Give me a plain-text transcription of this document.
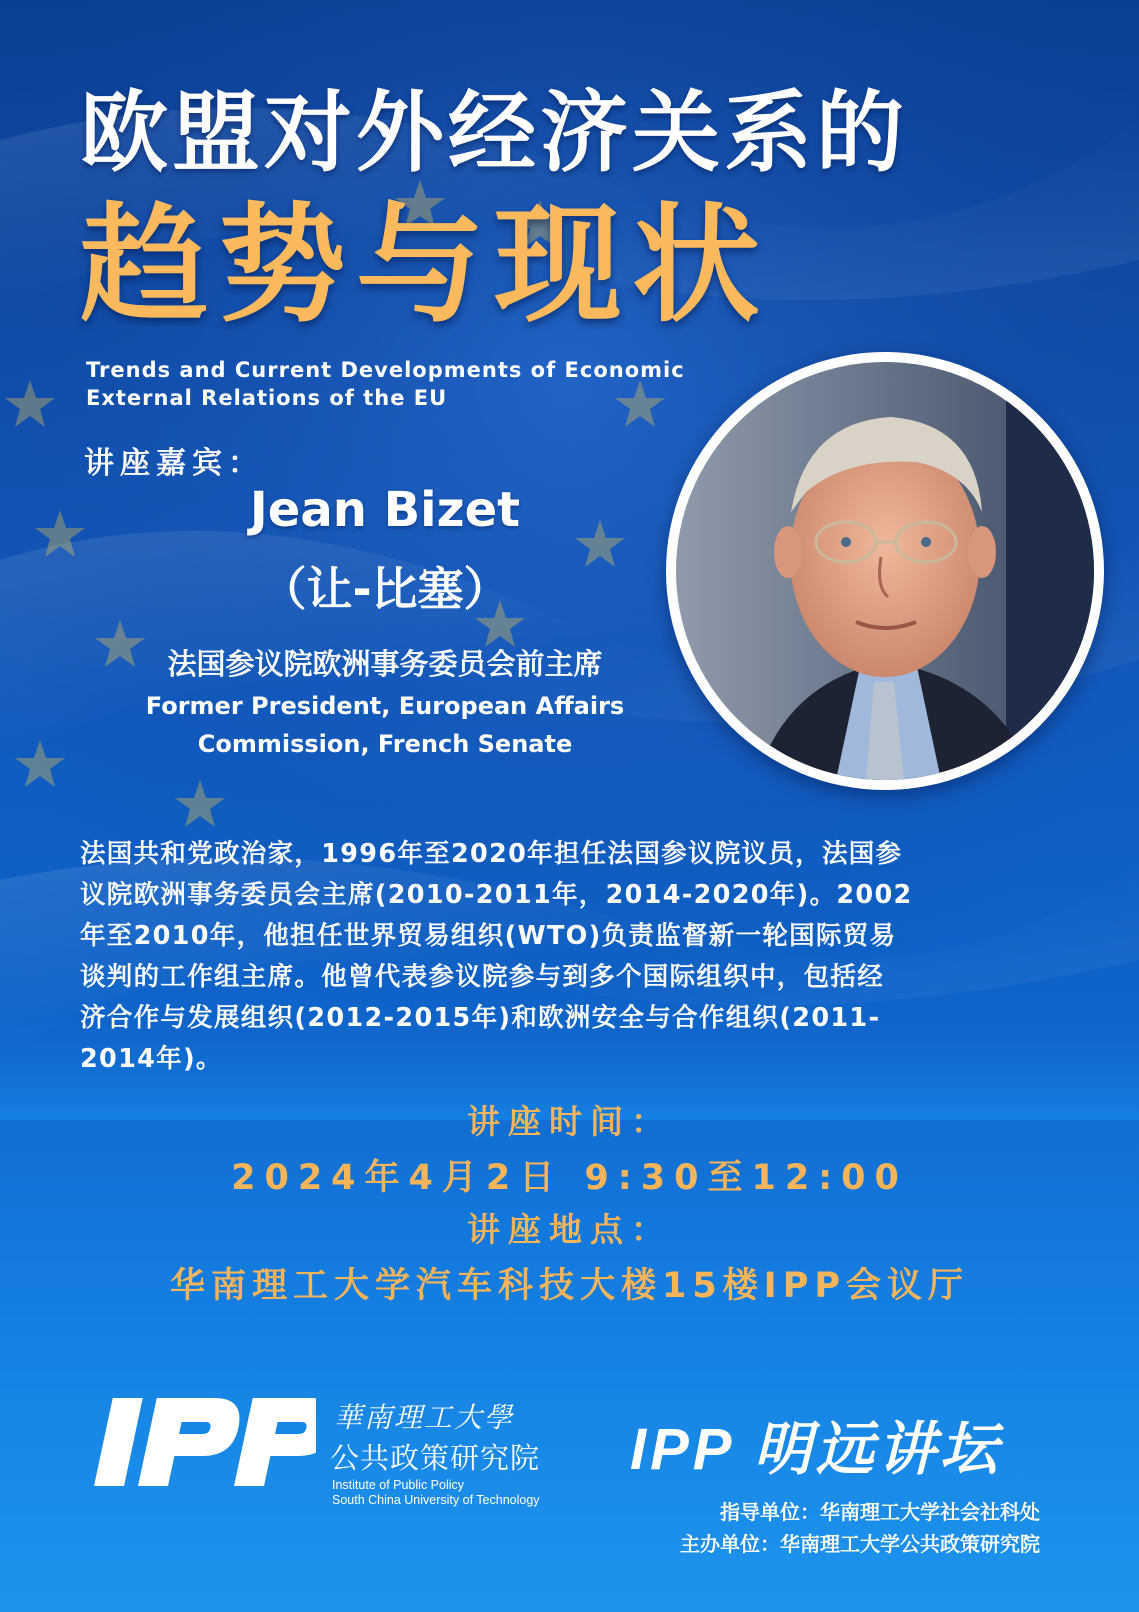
欧盟对外经济关系的
趋势与现状
Trends and Current Developments of Economic
External Relations of the EU
讲座嘉宾：
Jean Bizet
（让-比塞）
法国参议院欧洲事务委员会前主席
Former President, European Affairs
Commission, French Senate
法国共和党政治家，1996年至2020年担任法国参议院议员，法国参
议院欧洲事务委员会主席(2010-2011年，2014-2020年)。2002
年至2010年，他担任世界贸易组织(WTO)负责监督新一轮国际贸易
谈判的工作组主席。他曾代表参议院参与到多个国际组织中，包括经
济合作与发展组织(2012-2015年)和欧洲安全与合作组织(2011-
2014年)。
讲座时间：
2024年4月2日 9:30至12:00
讲座地点：
华南理工大学汽车科技大楼15楼IPP会议厅
IPP
華南理工大學
公共政策研究院
Institute of Public Policy
South China University of Technology
IPP 明远讲坛
指导单位：华南理工大学社会社科处
主办单位：华南理工大学公共政策研究院
